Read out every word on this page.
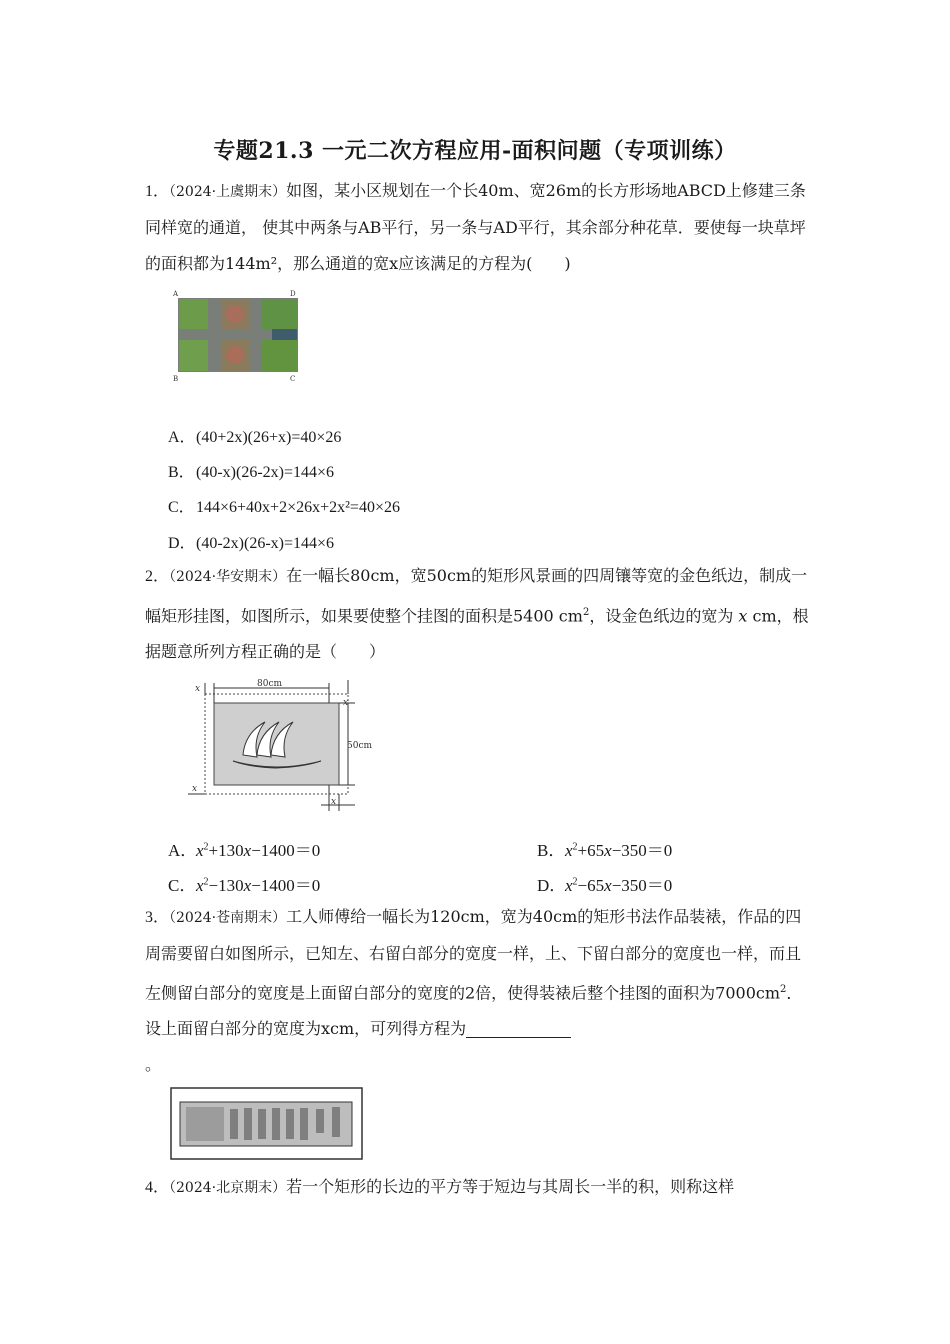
专题21.3 一元二次方程应用-面积问题（专项训练）
1．（2024·上虞期末）如图，某小区规划在一个长40m、宽26m的长方形场地ABCD上修建三条同样宽的通道， 使其中两条与AB平行，另一条与AD平行，其余部分种花草．要使每一块草坪的面积都为144m²，那么通道的宽x应该满足的方程为(　　)
A	D
B	C
A．(40+2x)(26+x)=40×26
B．(40-x)(26-2x)=144×6
C．144×6+40x+2×26x+2x²=40×26
D．(40-2x)(26-x)=144×6
2．（2024·华安期末）在一幅长80cm，宽50cm的矩形风景画的四周镶等宽的金色纸边，制成一幅矩形挂图，如图所示，如果要使整个挂图的面积是5400 $cm^2$，设金色纸边的宽为 x cm，根据题意所列方程正确的是（　　）
x	80cm
x
50cm
x
x
A．$x^2+130x-1400=0$	B．$x^2+65x-350=0$
C．$x^2-130x-1400=0$	D．$x^2-65x-350=0$
3．（2024·苍南期末）工人师傅给一幅长为120cm，宽为40cm的矩形书法作品装裱，作品的四周需要留白如图所示，已知左、右留白部分的宽度一样，上、下留白部分的宽度也一样，而且左侧留白部分的宽度是上面留白部分的宽度的2倍，使得装裱后整个挂图的面积为$7000cm^2$．设上面留白部分的宽度为xcm，可列得方程为
。
4．（2024·北京期末）若一个矩形的长边的平方等于短边与其周长一半的积，则称这样
